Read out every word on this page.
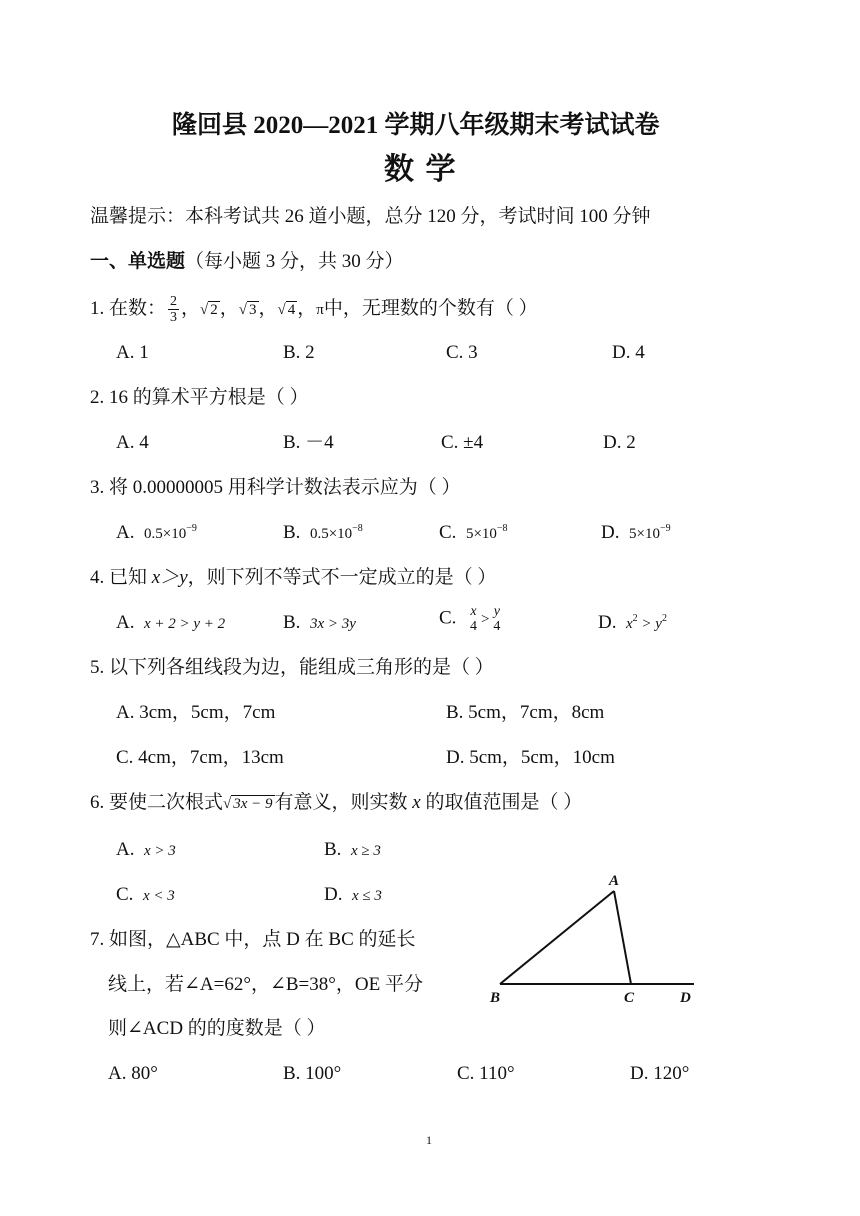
隆回县 2020—2021 学期八年级期末考试试卷
数 学
温馨提示：本科考试共 26 道小题，总分 120 分，考试时间 100 分钟
一、单选题（每小题 3 分，共 30 分）
1. 在数： $\frac{2}{3}$ ，√ 2 ，√ 3 ，√ 4 ，π中，无理数的个数有（ ）
A. 1	B. 2	C. 3	D. 4
2. 16 的算术平方根是（ ）
A. 4	B. －4	C. ±4	D. 2
3. 将 0.00000005 用科学计数法表示应为（ ）
A. $0.5\times 10^{-9}$	B. $0.5\times 10^{-8}$	C. $5\times 10^{-8}$	D. $5\times 10^{-9}$
4. 已知 x＞y，则下列不等式不一定成立的是（ ）
A. x + 2 > y + 2	B. 3x > 3y	C. x
4 > y
4	D. $x^2 > y^2$
5. 以下列各组线段为边，能组成三角形的是（ ）
A. 3cm，5cm，7cm	B. 5cm，7cm，8cm
C. 4cm，7cm，13cm	D. 5cm，5cm，10cm
6. 要使二次根式√ 3x − 9 有意义，则实数 x 的取值范围是（ ）
A. x > 3	B. x ≥ 3
C. x < 3	D. x ≤ 3
7. 如图，△ABC 中，点 D 在 BC 的延长
线上，若∠A=62°，∠B=38°，OE 平分
则∠ACD 的的度数是（ ）
A
B	C	D
A. 80°	B. 100°	C. 110°	D. 120°
1
